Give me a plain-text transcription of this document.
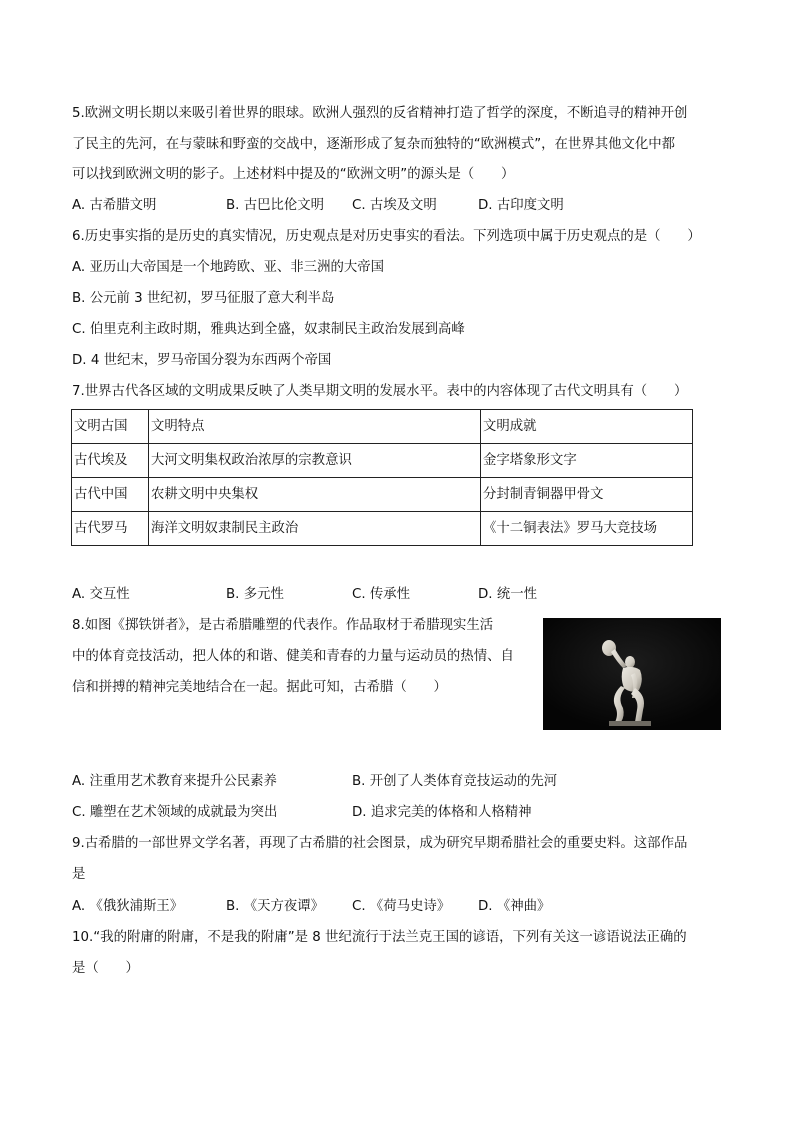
5.欧洲文明长期以来吸引着世界的眼球。欧洲人强烈的反省精神打造了哲学的深度，不断追寻的精神开创
了民主的先河，在与蒙昧和野蛮的交战中，逐渐形成了复杂而独特的“欧洲模式”，在世界其他文化中都
可以找到欧洲文明的影子。上述材料中提及的“欧洲文明”的源头是（　　）
A. 古希腊文明	B. 古巴比伦文明 C. 古埃及文明	D. 古印度文明
6.历史事实指的是历史的真实情况，历史观点是对历史事实的看法。下列选项中属于历史观点的是（　　）
A. 亚历山大帝国是一个地跨欧、亚、非三洲的大帝国
B. 公元前 3 世纪初，罗马征服了意大利半岛
C. 伯里克利主政时期，雅典达到全盛，奴隶制民主政治发展到高峰
D. 4 世纪末，罗马帝国分裂为东西两个帝国
7.世界古代各区域的文明成果反映了人类早期文明的发展水平。表中的内容体现了古代文明具有（　　）
文明古国	文明特点	文明成就
古代埃及	大河文明集权政治浓厚的宗教意识	金字塔象形文字
古代中国	农耕文明中央集权	分封制青铜器甲骨文
古代罗马	海洋文明奴隶制民主政治	《十二铜表法》罗马大竞技场
A. 交互性	B. 多元性	C. 传承性	D. 统一性
8.如图《掷铁饼者》，是古希腊雕塑的代表作。作品取材于希腊现实生活
中的体育竞技活动，把人体的和谐、健美和青春的力量与运动员的热情、自
信和拼搏的精神完美地结合在一起。据此可知，古希腊（　　）
A. 注重用艺术教育来提升公民素养	B. 开创了人类体育竞技运动的先河
C. 雕塑在艺术领域的成就最为突出	D. 追求完美的体格和人格精神
9.古希腊的一部世界文学名著，再现了古希腊的社会图景，成为研究早期希腊社会的重要史料。这部作品
是
A. 《俄狄浦斯王》	B. 《天方夜谭》 C. 《荷马史诗》 D. 《神曲》
10.“我的附庸的附庸，不是我的附庸”是 8 世纪流行于法兰克王国的谚语，下列有关这一谚语说法正确的
是（　　）
